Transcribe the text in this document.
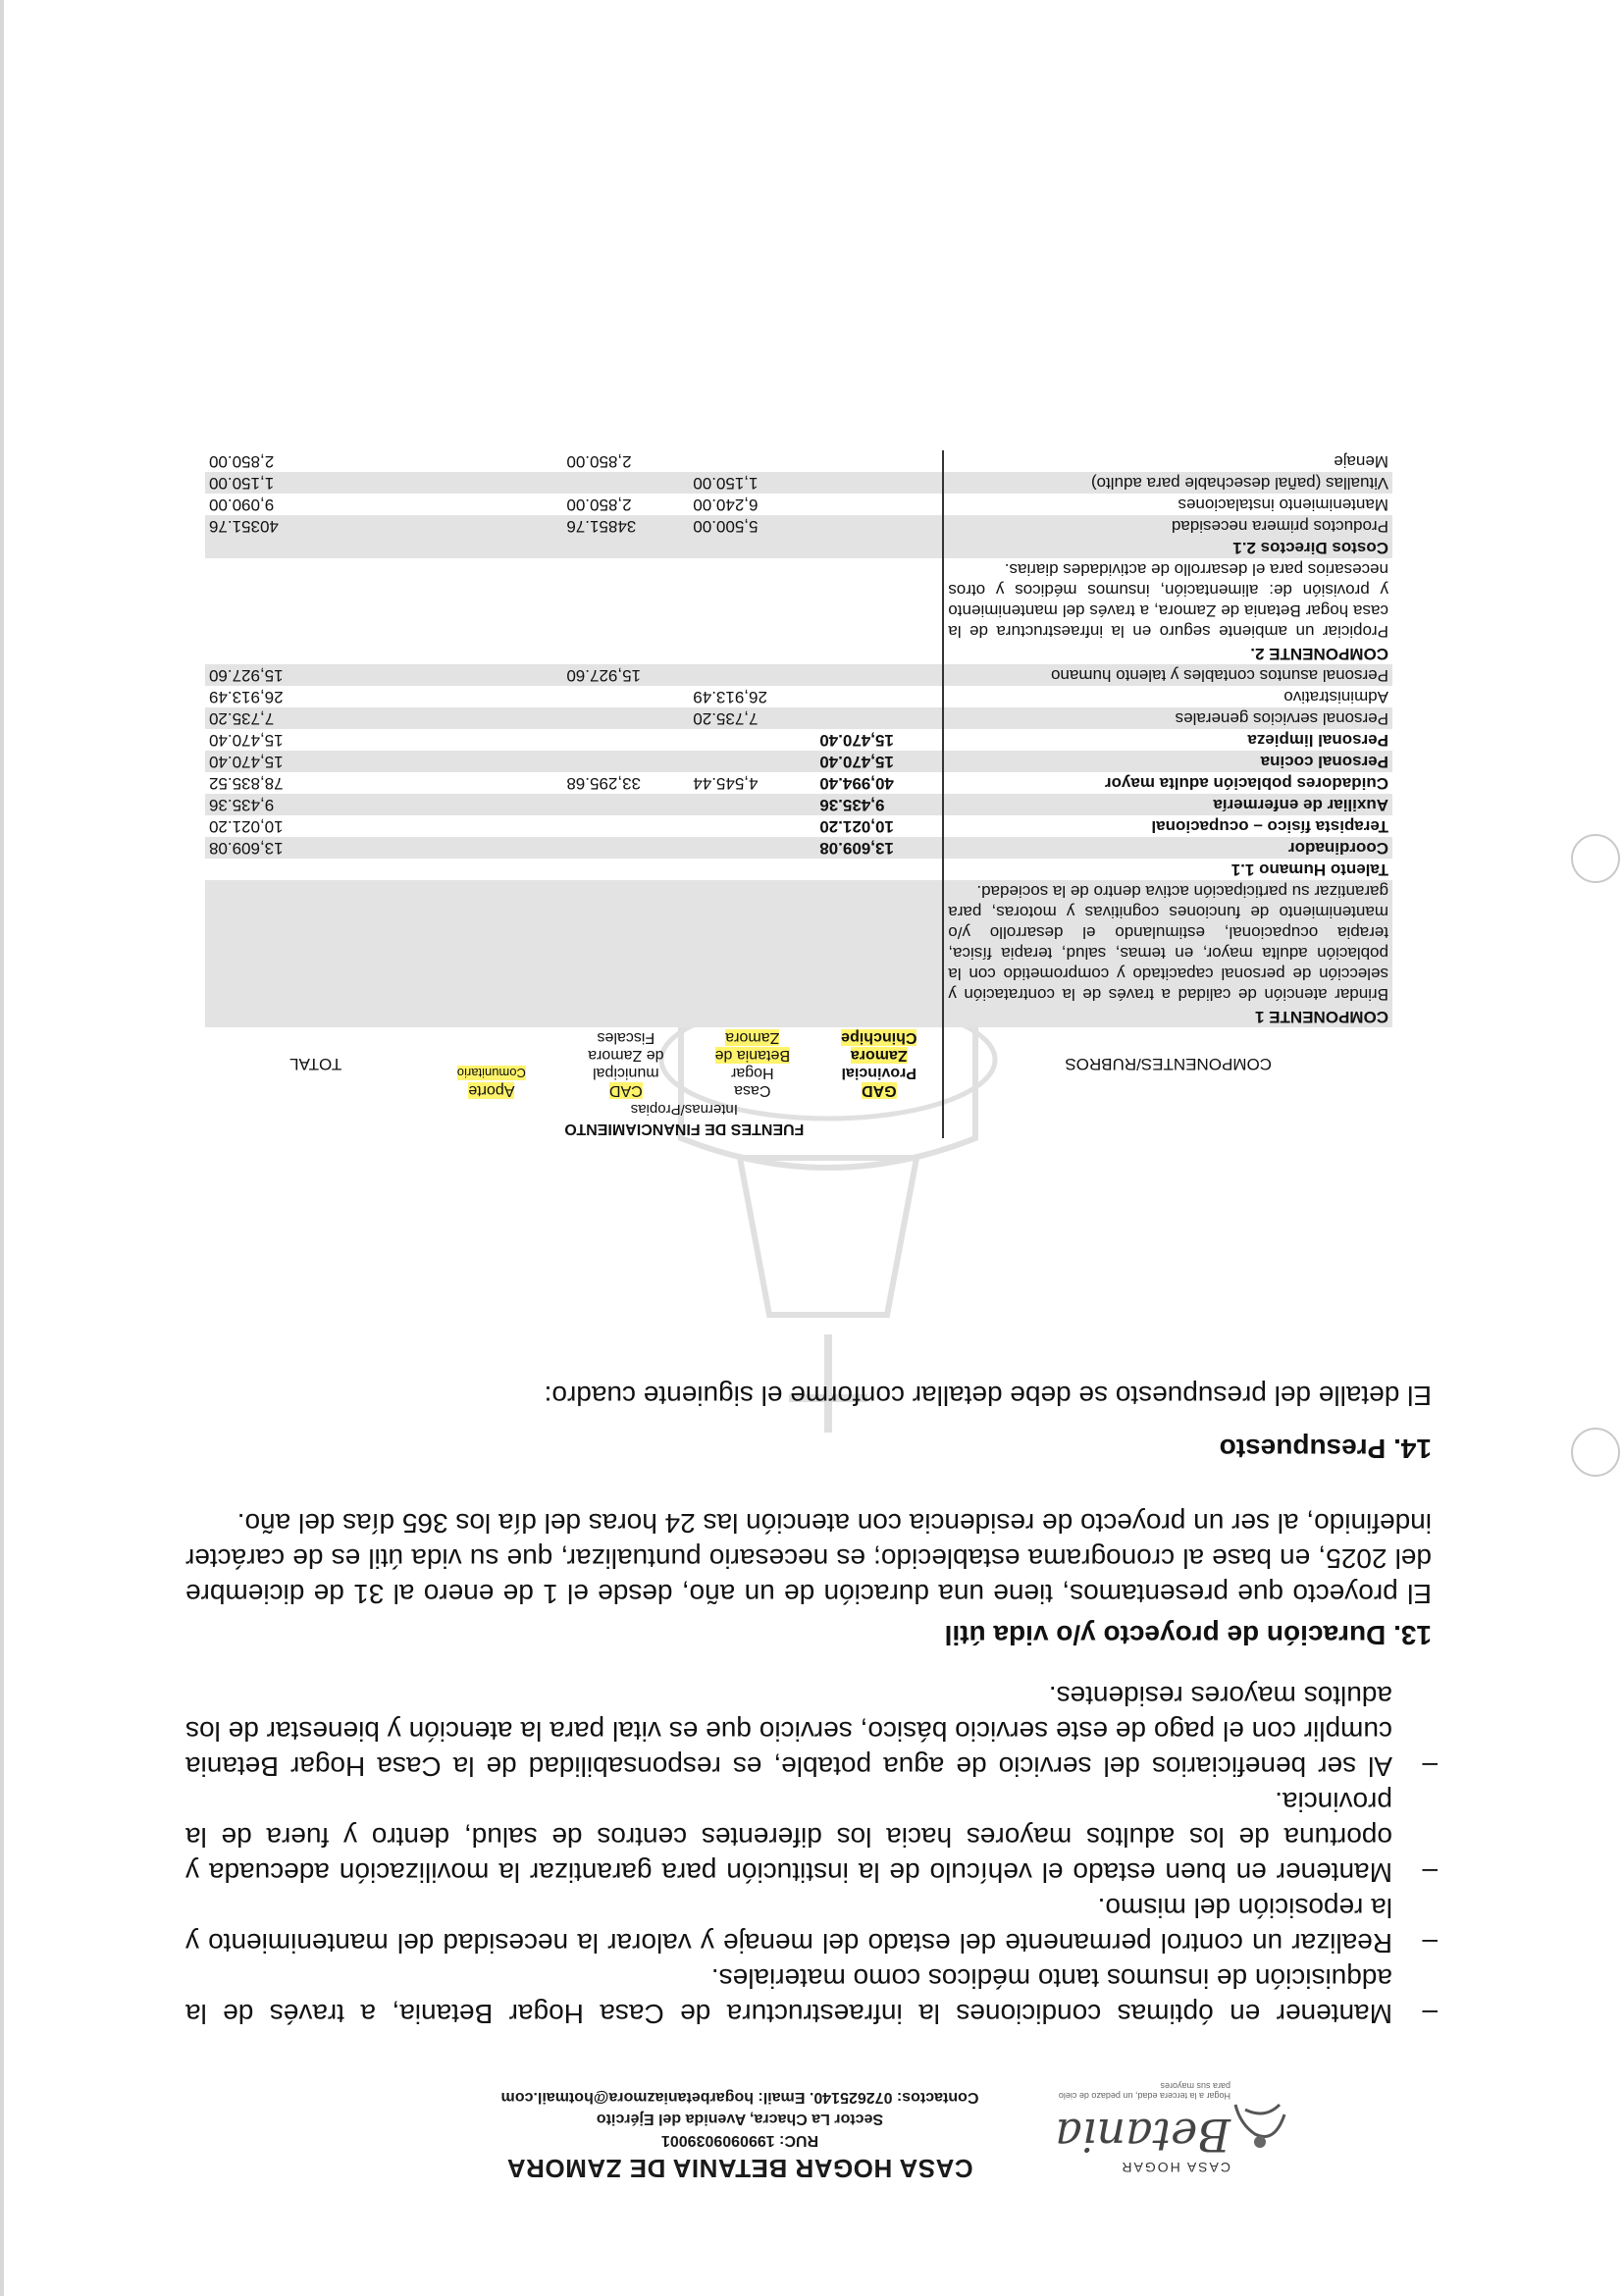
CASA HOGAR
Betania
Hogar a la tercera edad, un pedazo de cielo para sus mayores
CASA HOGAR BETANIA DE ZAMORA
RUC: 1990909039001
Sector La Chacra, Avenida del Ejército
Contactos: 072625140. Email: hogarbetaniazmora@hotmail.com

–
Mantener en óptimas condiciones la infraestructura de Casa Hogar Betania, a través de la adquisición de insumos tanto médicos como materiales.

–
Realizar un control permanente del estado del menaje y valorar la necesidad del mantenimiento y la reposición del mismo.

–
Mantener en buen estado el vehículo de la institución para garantizar la movilización adecuada y oportuna de los adultos mayores hacia los diferentes centros de salud, dentro y fuera de la provincia.

–
Al ser beneficiarios del servicio de agua potable, es responsabilidad de la Casa Hogar Betania cumplir con el pago de este servicio básico, servicio que es vital para la atención y bienestar de los adultos mayores residentes.

13. Duración de proyecto y/o vida útil

El proyecto que presentamos, tiene una duración de un año, desde el 1 de enero al 31 de diciembre del 2025, en base al cronograma establecido; es necesario puntualizar, que su vida útil es de carácter indefinido, al ser un proyecto de residencia con atención las 24 horas del día los 365 días del año.

14. Presupuesto

El detalle del presupuesto se debe detallar conforme el siguiente cuadro:

	FUENTES DE FINANCIAMIENTO				
	Internas/Propias				
COMPONENTES/RUBROS	GAD
Provincial
Zamora
Chinchipe	Casa
Hogar
Betania de
Zamora	CAD
municipal
de Zamora
Fiscales	Aporte
Comunitario	TOTAL
COMPONENTE 1					
Brindar atención de calidad a través de la contratación y selección de personal capacitado y comprometido con la población adulta mayor, en temas, salud, terapia física, terapia ocupacional, estimulando el desarrollo y/o mantenimiento de funciones cognitivas y motoras, para garantizar su participación activa dentro de la sociedad.					
Talento Humano 1.1					
Coordinador	13,609.08				13,609.08
Terapista físico – ocupacional	10,021.20				10,021.20
Auxiliar de enfermería	9,435.36				9,435.36
Cuidadores población adulta mayor	40,994.40	4,545.44	33,295.68		78,835.52
Personal cocina	15,470.40				15,470.40
Personal limpieza	15,470.40				15,470.40
Personal servicios generales		7,735.20			7,735.20
Administrativo		26,913.49			26,913.49
Personal asuntos contables y talento humano			15,927.60		15,927.60
COMPONENTE 2.					
Propiciar un ambiente seguro en la infraestructura de la casa hogar Betania de Zamora, a través del mantenimiento y provisión de: alimentación, insumos médicos y otros necesarios para el desarrollo de actividades diarias.					
Costos Directos 2.1					
Productos primera necesidad		5,500.00	34851.76		40351.76
Mantenimiento instalaciones		6,240.00	2,850.00		9,090.00
Vituallas (pañal desechable para adulto)		1,150.00			1,150.00
Menaje			2,850.00		2,850.00
